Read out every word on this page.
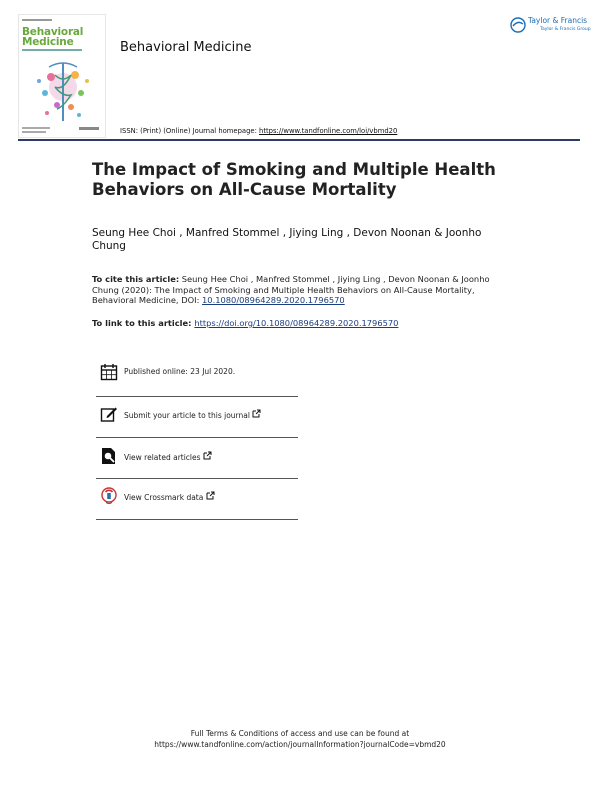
Behavioral
Medicine	Behavioral Medicine
Taylor & Francis
Taylor & Francis Group
ISSN: (Print) (Online) Journal homepage: https://www.tandfonline.com/loi/vbmd20
The Impact of Smoking and Multiple Health Behaviors on All-Cause Mortality
Seung Hee Choi , Manfred Stommel , Jiying Ling , Devon Noonan & Joonho Chung
To cite this article: Seung Hee Choi , Manfred Stommel , Jiying Ling , Devon Noonan & Joonho Chung (2020): The Impact of Smoking and Multiple Health Behaviors on All-Cause Mortality, Behavioral Medicine, DOI: 10.1080/08964289.2020.1796570
To link to this article: https://doi.org/10.1080/08964289.2020.1796570
Published online: 23 Jul 2020.
Submit your article to this journal
View related articles
View Crossmark data
Full Terms & Conditions of access and use can be found at
https://www.tandfonline.com/action/journalInformation?journalCode=vbmd20
